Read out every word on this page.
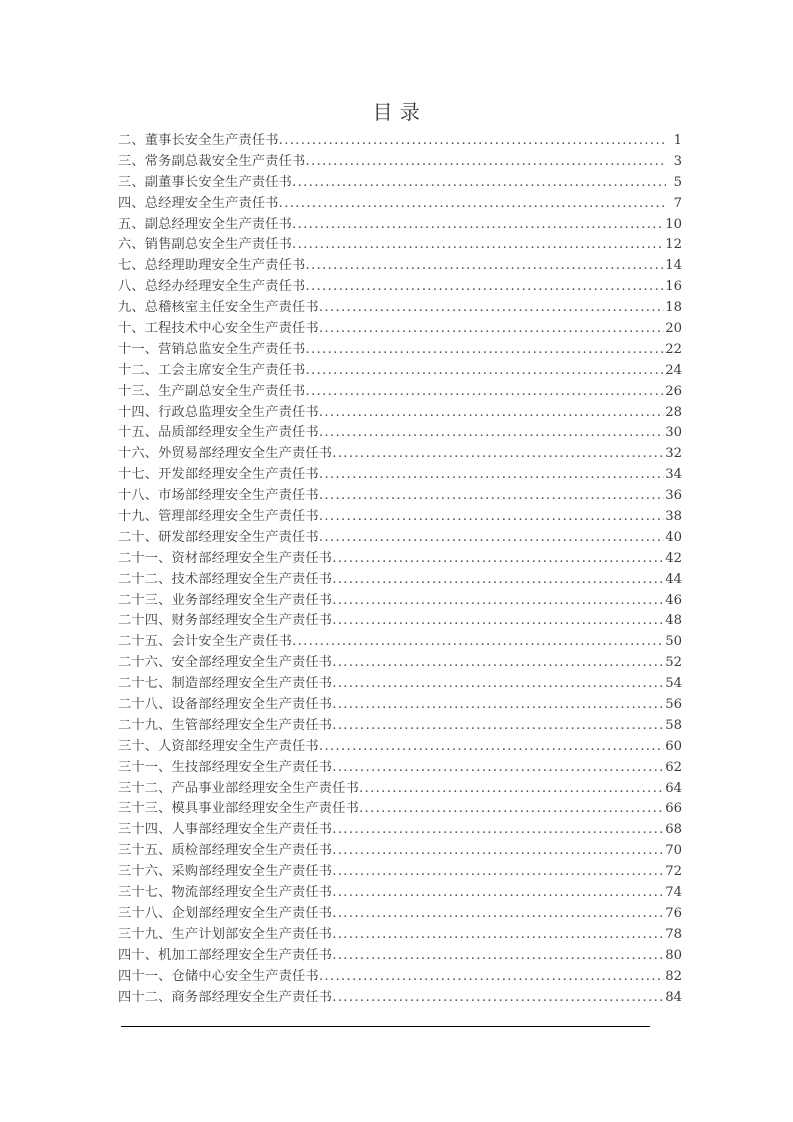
目 录
二、董事长安全生产责任书 .....	1
三、常务副总裁安全生产责任书 .....	3
三、副董事长安全生产责任书 .....	5
四、总经理安全生产责任书 .....	7
五、副总经理安全生产责任书 .....	10
六、销售副总安全生产责任书 .....	12
七、总经理助理安全生产责任书 .....	14
八、总经办经理安全生产责任书 .....	16
九、总稽核室主任安全生产责任书 .....	18
十、工程技术中心安全生产责任书 .....	20
十一、营销总监安全生产责任书 .....	22
十二、工会主席安全生产责任书 .....	24
十三、生产副总安全生产责任书 .....	26
十四、行政总监理安全生产责任书 .....	28
十五、品质部经理安全生产责任书 .....	30
十六、外贸易部经理安全生产责任书 .....	32
十七、开发部经理安全生产责任书 .....	34
十八、市场部经理安全生产责任书 .....	36
十九、管理部经理安全生产责任书 .....	38
二十、研发部经理安全生产责任书 .....	40
二十一、资材部经理安全生产责任书 .....	42
二十二、技术部经理安全生产责任书 .....	44
二十三、业务部经理安全生产责任书 .....	46
二十四、财务部经理安全生产责任书 .....	48
二十五、会计安全生产责任书 .....	50
二十六、安全部经理安全生产责任书 .....	52
二十七、制造部经理安全生产责任书 .....	54
二十八、设备部经理安全生产责任书 .....	56
二十九、生管部经理安全生产责任书 .....	58
三十、人资部经理安全生产责任书 .....	60
三十一、生技部经理安全生产责任书 .....	62
三十二、产品事业部经理安全生产责任书 .....	64
三十三、模具事业部经理安全生产责任书 .....	66
三十四、人事部经理安全生产责任书 .....	68
三十五、质检部经理安全生产责任书 .....	70
三十六、采购部经理安全生产责任书 .....	72
三十七、物流部经理安全生产责任书 .....	74
三十八、企划部经理安全生产责任书 .....	76
三十九、生产计划部安全生产责任书 .....	78
四十、机加工部经理安全生产责任书 .....	80
四十一、仓储中心安全生产责任书 .....	82
四十二、商务部经理安全生产责任书 .....	84
